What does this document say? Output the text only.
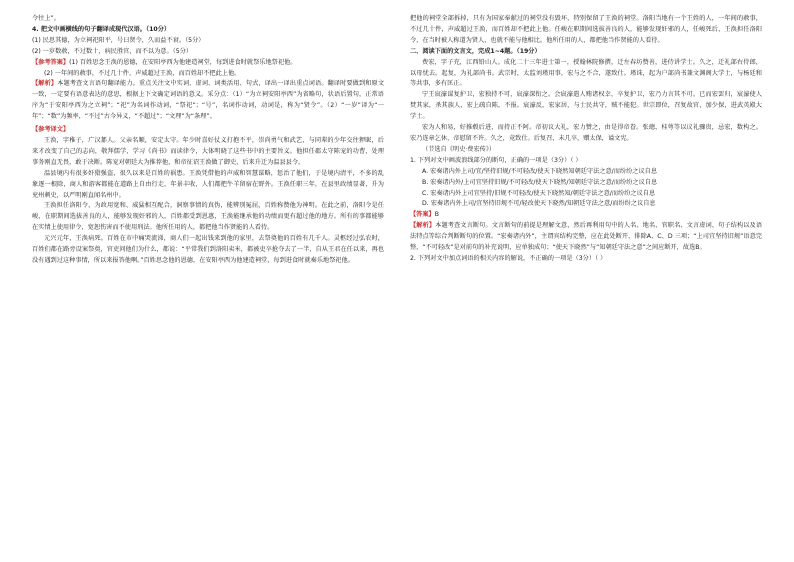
令往上”。

4. 把文中画横线的句子翻译成现代汉语。（10分）

(1) 民思其德，为立祠祀阳平，号曰贤令，久而益不衰。（5分）

(2) 一岁数赦，不过数十，病民胜官，而不以为意。（5分）

【参考答案】(1) 百姓思念王涣的恩德，在安阳亭西为他建造祠堂，每到进食时就祭乐地祭祀他。

(2) 一年间的赦事，不过几十件，声威超过王涣，而百姓却不把此上他。

【解析】本题考查文言语句翻译能力。重点关注文中实词、虚词、词类活用、句式，译出一译出重点词语。翻译时要做到和原文一致，一定要有语意表达的意思，根据上下文确定词语的意义。采分点：（1）“为立祠安阳亭西”为省略句，状语后置句，正常语序为“于安阳亭西为之立祠”；“祀”为名词作动词，“祭祀”；“号”，名词作动词，动词是，称为“贤令”。（2）“一岁”译为“一年”；“数”为频率，“不过”古今异义，“不超过”；“文理”为“条理”。

【参考译文】

王涣，字稚子，广汉郪人。父亲名顺，安定太守。年少时喜好仗义打抱不平，崇尚勇气和武艺，与同辈的少年交往狎昵，后来才改变了自己的志向，敬拜儒学，学习《尚书》而读律令，大体明晓了这些书中的主要旨义。他担任郡太守陈宠的功曹，处理事务刚直无畏，敢于决断。陈宠对朝廷大为推荐他，和帝征诏王涣做了御史，后来升迁为温县县令。

温县境内有很多奸猾强盗，很久以来是百姓的祸患。王涣凭借他的声威和智慧谋略，惩治了他们，于是境内清平，不多的乱象逐一根除，商人和游客都能在道路上自由行走，年景丰收，人们都把牛羊留宿在野外。王涣任职三年，在县里政绩显著，升为兖州刺史，以严明刚直闻名州中。

王涣担任洛阳令，为政用宽和、威猛相互配合，洞察事情的真伪，能辨别冤屈，百姓称赞他为神明。在此之前，洛阳令是任峻，在职期间选拔善良的人，能够发现奸邪的人，百姓都受到恩惠，王涣能继承他的功绩而更有超过他的地方。所有的事都能够在实情上使用律令，宽恕伤害而不使用刑法。他所任用的人，都把他当作贤能的人看待。

元兴元年，王涣病死。百姓在市中痛哭流涕，商人们一起出钱来到他的家里，去祭奠他的百姓有几千人。灵柩经过弘农时，百姓们都在路旁设案祭奠，官吏问他们为什么，都说：“平常我们到洛阳卖米，都被吏卒抢夺去了一半，自从王君在任以来，再也没有遇到过这种事情，所以来报答他啊。”百姓思念他的恩德，在安阳亭西为他建造祠堂，每到进食时就奏乐地祭祀他。

把他的祠堂全部拆掉，只有为国家奉献过的祠堂没有毁坏，特别保留了王涣的祠堂。洛阳当地有一个王姓的人，一年间的赦事，不过几十件，声威超过王涣，而百姓却不把此上他。任峻在职期间选拔善良的人，能够发现奸邪的人，任峻死后，王涣担任洛阳令，在当时被人称道为贤人，也就不能与他相比。他所任用的人，都把他当作贤能的人看待。

二、阅读下面的文言文，完成1~4题。（19分）

费宏，字子充，江西铅山人。成化二十三年进士第一，授翰林院修撰，迁左春坊赞善，进侍讲学士。久之，迁礼部右侍郎，以母忧去。起复，为礼部尚书。武宗时，太监刘瑾用事，宏与之不合，遂致仕。瑾诛，起为户部尚书兼文渊阁大学士，与杨廷和等共事，多有匡正。

宁王宸濠谋复护卫，宏独持不可，宸濠深衔之。会宸濠遣人贿诸权幸，卒复护卫，宏乃力言其不可。已而宏罢归，宸濠使人焚其家，杀其族人，宏上疏自陈，不报。宸濠反，宏家居，与士民共守，贼不能犯。世宗即位，召复故官，加少保，进武英殿大学士。

宏为人和易，好推毂后进，而持正不阿。帝初议大礼，宏力赞之，由是得帝眷。张璁、桂萼等以议礼骤贵，忌宏，数构之。宏乃连章乞休，帝慰留不许。久之，竟致仕。后复召，未几卒，赠太保，谥文宪。

（节选自《明史·费宏传》）

1. 下列对文中画波浪线部分的断句，正确的一项是（3分）（ ）

A. 宏奏诸内外上司/宜/坚持旧规/不可轻改/使天下晓然知朝廷守法之意/而纷纷之议自息

B. 宏奏诸内外/上司宜坚持旧规/不可轻改/使天下晓然/知朝廷守法之意/而纷纷之议自息

C. 宏奏诸内外上司宜坚持/旧规不可轻改/使天下晓然知/朝廷守法之意/而纷纷之议自息

D. 宏奏诸内外上司/宜坚持旧规不可/轻改使天下晓然/知朝廷守法之意/而纷纷之议自息

【答案】B

【解析】本题考查文言断句。文言断句的前提是理解文意，然后再利用句中的人名、地名、官职名、文言虚词、句子结构以及语法特点等综合判断断句的位置。“宏奏诸内外”，主谓宾结构完整，应在此处断开，排除A、C、D 三项；“上司宜坚持旧规”语意完整，“不可轻改”是对前句的补充说明，应单独成句；“使天下晓然”与“知朝廷守法之意”之间应断开，故选B。

2. 下列对文中加点词语的相关内容的解说，不正确的一项是（3分）（ ）
